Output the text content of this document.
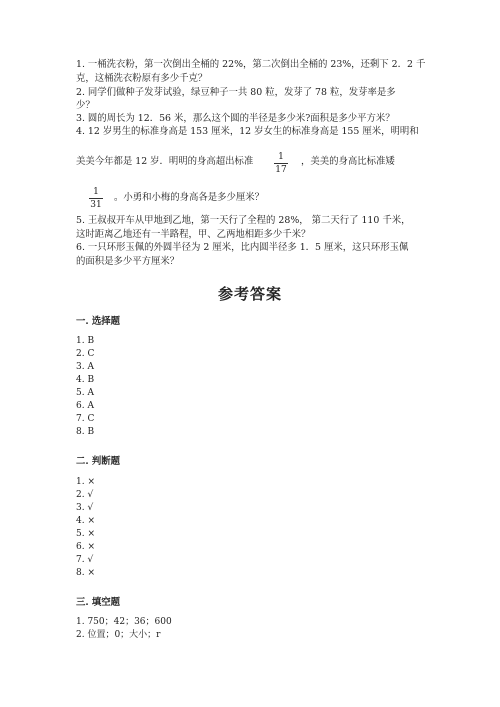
1. 一桶洗衣粉，第一次倒出全桶的 22%，第二次倒出全桶的 23%，还剩下 2．2 千
克，这桶洗衣粉原有多少千克？
2. 同学们做种子发芽试验，绿豆种子一共 80 粒，发芽了 78 粒，发芽率是多
少？
3. 圆的周长为 12．56 米，那么这个圆的半径是多少米?面积是多少平方米？
4. 12 岁男生的标准身高是 153 厘米，12 岁女生的标准身高是 155 厘米，明明和
美美今年都是 12 岁．明明的身高超出标准	1
17
，美美的身高比标准矮
1
31
。小勇和小梅的身高各是多少厘米？
5. 王叔叔开车从甲地到乙地，第一天行了全程的 28%， 第二天行了 110 千米，
这时距离乙地还有一半路程，甲、乙两地相距多少千米？
6. 一只环形玉佩的外圆半径为 2 厘米，比内圆半径多 1．5 厘米，这只环形玉佩
的面积是多少平方厘米？
参考答案
一. 选择题
1. B
2. C
3. A
4. B
5. A
6. A
7. C
8. B
二. 判断题
1. ×
2. √
3. √
4. ×
5. ×
6. ×
7. √
8. ×
三. 填空题
1. 750；42；36；600
2. 位置；0；大小；r
